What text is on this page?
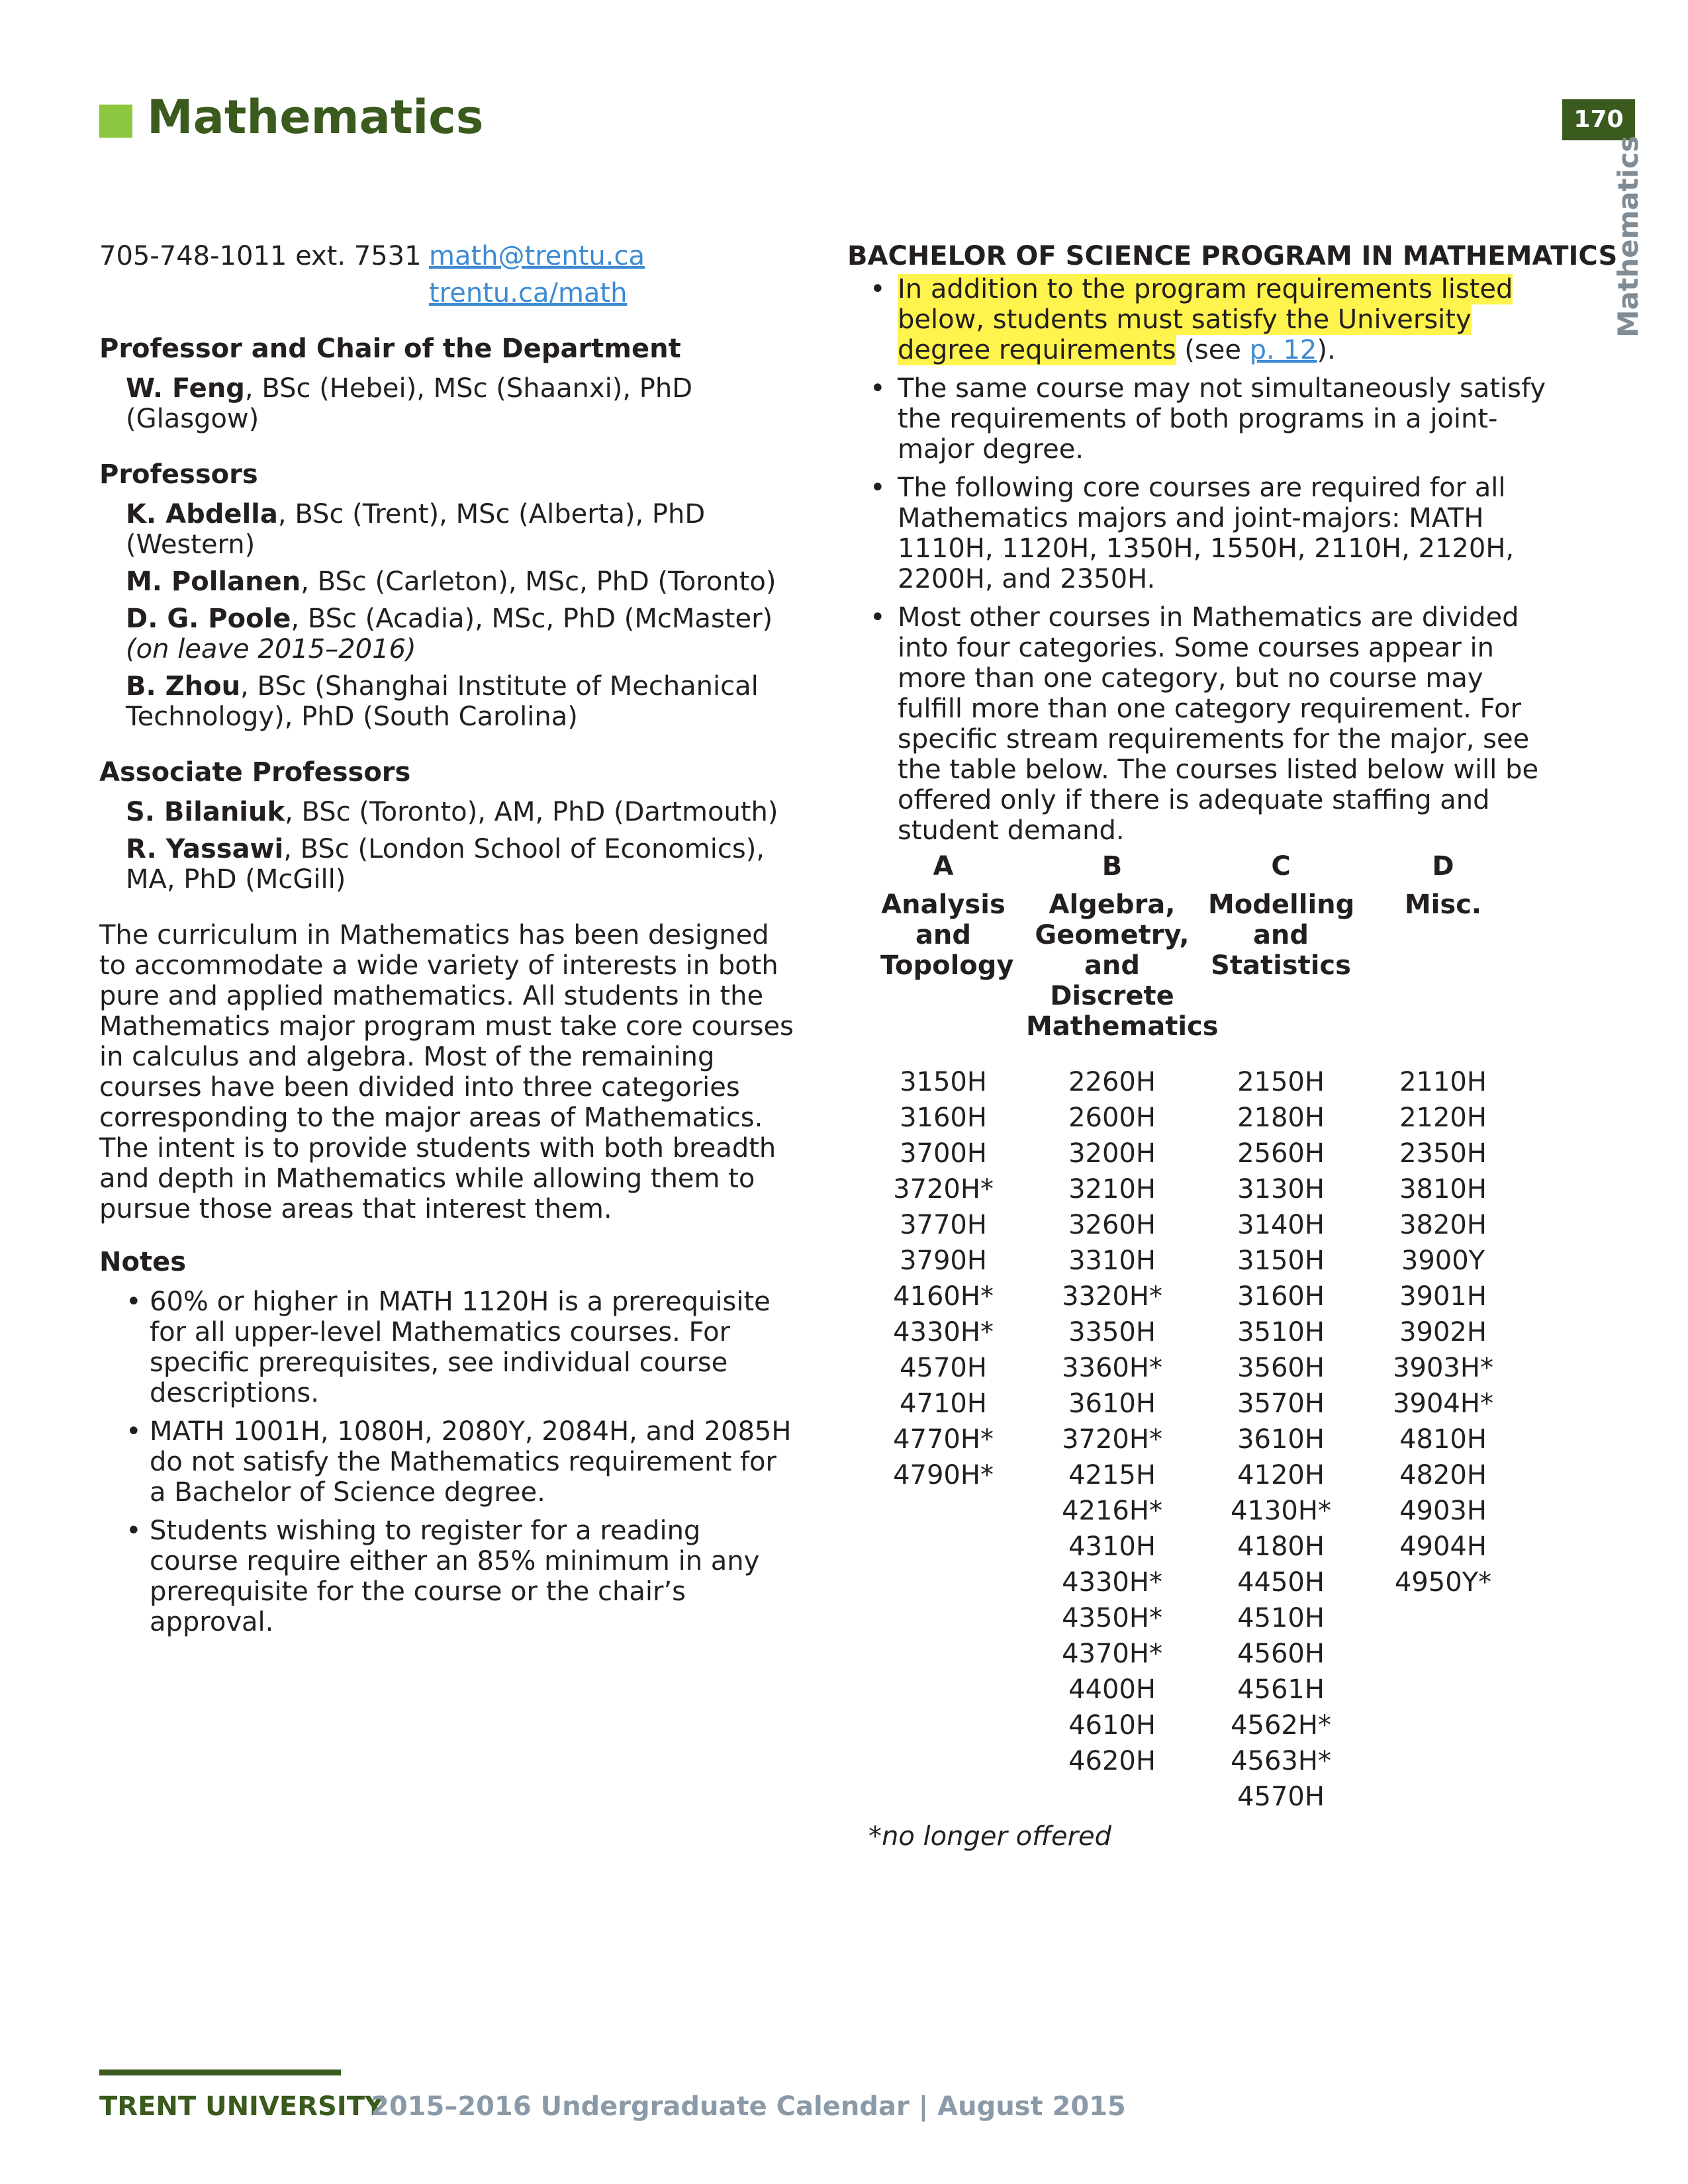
Mathematics	170
Mathematics
705-748-1011 ext. 7531 math@trentu.ca
trentu.ca/math
Professor and Chair of the Department
W. Feng, BSc (Hebei), MSc (Shaanxi), PhD (Glasgow)
Professors
K. Abdella, BSc (Trent), MSc (Alberta), PhD (Western)
M. Pollanen, BSc (Carleton), MSc, PhD (Toronto)
D. G. Poole, BSc (Acadia), MSc, PhD (McMaster) (on leave 2015–2016)
B. Zhou, BSc (Shanghai Institute of Mechanical Technology), PhD (South Carolina)
Associate Professors
S. Bilaniuk, BSc (Toronto), AM, PhD (Dartmouth)
R. Yassawi, BSc (London School of Economics), MA, PhD (McGill)
The curriculum in Mathematics has been designed to accommodate a wide variety of interests in both pure and applied mathematics. All students in the Mathematics major program must take core courses in calculus and algebra. Most of the remaining courses have been divided into three categories corresponding to the major areas of Mathematics. The intent is to provide students with both breadth and depth in Mathematics while allowing them to pursue those areas that interest them.
Notes
• 60% or higher in MATH 1120H is a prerequisite for all upper-level Mathematics courses. For specific prerequisites, see individual course descriptions.
• MATH 1001H, 1080H, 2080Y, 2084H, and 2085H do not satisfy the Mathematics requirement for a Bachelor of Science degree.
• Students wishing to register for a reading course require either an 85% minimum in any prerequisite for the course or the chair’s approval.
BACHELOR OF SCIENCE PROGRAM IN MATHEMATICS
• In addition to the program requirements listed below, students must satisfy the University degree requirements (see p. 12).
• The same course may not simultaneously satisfy the requirements of both programs in a joint-major degree.
• The following core courses are required for all Mathematics majors and joint-majors: MATH 1110H, 1120H, 1350H, 1550H, 2110H, 2120H, 2200H, and 2350H.
• Most other courses in Mathematics are divided into four categories. Some courses appear in more than one category, but no course may fulfill more than one category requirement. For specific stream requirements for the major, see the table below. The courses listed below will be offered only if there is adequate staffing and student demand.
A	B	C	D

Analysis and Topology	Algebra, Geometry, and Discrete Mathematics	Modelling and Statistics	Misc.

3150H	2260H	2150H	2110H
3160H	2600H	2180H	2120H
3700H	3200H	2560H	2350H
3720H*	3210H	3130H	3810H
3770H	3260H	3140H	3820H
3790H	3310H	3150H	3900Y
4160H*	3320H*	3160H	3901H
4330H*	3350H	3510H	3902H
4570H	3360H*	3560H	3903H*
4710H	3610H	3570H	3904H*
4770H*	3720H*	3610H	4810H
4790H*	4215H	4120H	4820H
	4216H*	4130H*	4903H
	4310H	4180H	4904H
	4330H*	4450H	4950Y*
	4350H*	4510H	
	4370H*	4560H	
	4400H	4561H	
	4610H	4562H*	
	4620H	4563H*	
		4570H	
*no longer offered
TRENT UNIVERSITY
2015–2016 Undergraduate Calendar | August 2015
